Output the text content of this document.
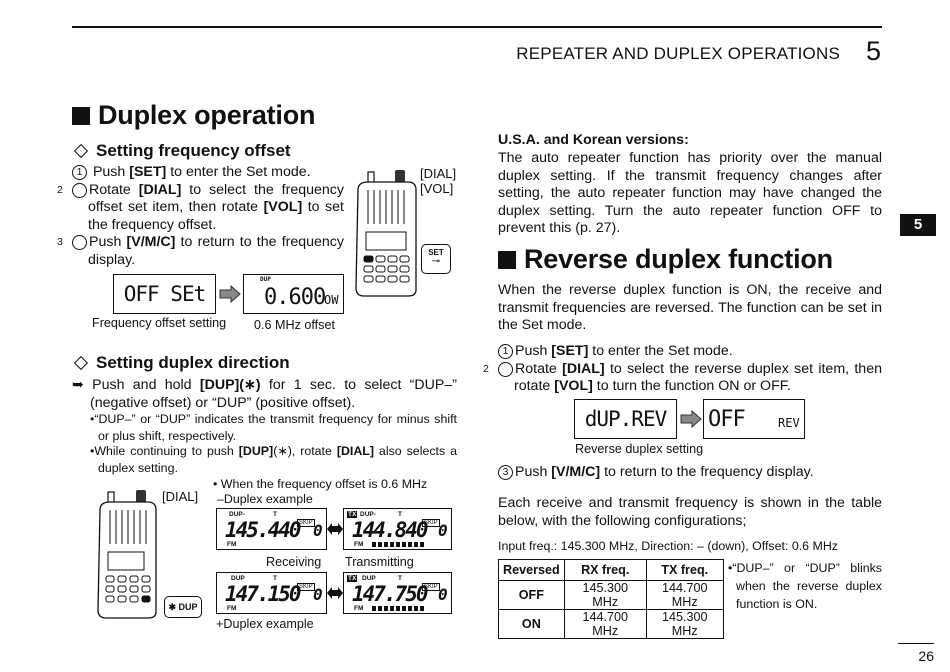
REPEATER AND DUPLEX OPERATIONS 5
5
26
Duplex operation
Setting frequency offset
1 Push [SET] to enter the Set mode.
2 Rotate [DIAL] to select the frequency offset set item, then rotate [VOL] to set the frequency offset.
3 Push [V/M/C] to return to the frequency display.
[DIAL]
[VOL]
SET
⊸
OFF SEt
DUP
0.600
OW
Frequency offset setting 0.6 MHz offset
Setting duplex direction
➥ Push and hold [DUP](∗) for 1 sec. to select “DUP–” (negative offset) or “DUP” (positive offset).
•“DUP–” or “DUP” indicates the transmit frequency for minus shift or plus shift, respectively.
•While continuing to push [DUP](∗), rotate [DIAL] also selects a duplex setting.
[DIAL]
✱ DUP
• When the frequency offset is 0.6 MHz
–Duplex example
DUP-	T
SKIP
145.440 0
FM
TX DUP-	T
SKIP
144.840 0
FM
Receiving Transmitting
DUP	T
SKIP
147.150 0
FM
TX DUP	T
SKIP
147.750 0
FM
+Duplex example
U.S.A. and Korean versions:
The auto repeater function has priority over the manual duplex setting. If the transmit frequency changes after setting, the auto repeater function may have changed the duplex setting. Turn the auto repeater function OFF to prevent this (p. 27).
Reverse duplex function
When the reverse duplex function is ON, the receive and transmit frequencies are reversed. The function can be set in the Set mode.
1 Push [SET] to enter the Set mode.
2 Rotate [DIAL] to select the reverse duplex set item, then rotate [VOL] to turn the function ON or OFF.
dUP.REV	OFF	REV
Reverse duplex setting
3 Push [V/M/C] to return to the frequency display.
Each receive and transmit frequency is shown in the table below, with the following configurations;
Input freq.: 145.300 MHz, Direction: – (down), Offset: 0.6 MHz
Reversed	RX freq.	TX freq.
OFF	145.300 MHz	144.700 MHz
ON	144.700 MHz	145.300 MHz
•“DUP–” or “DUP” blinks when the reverse duplex function is ON.
